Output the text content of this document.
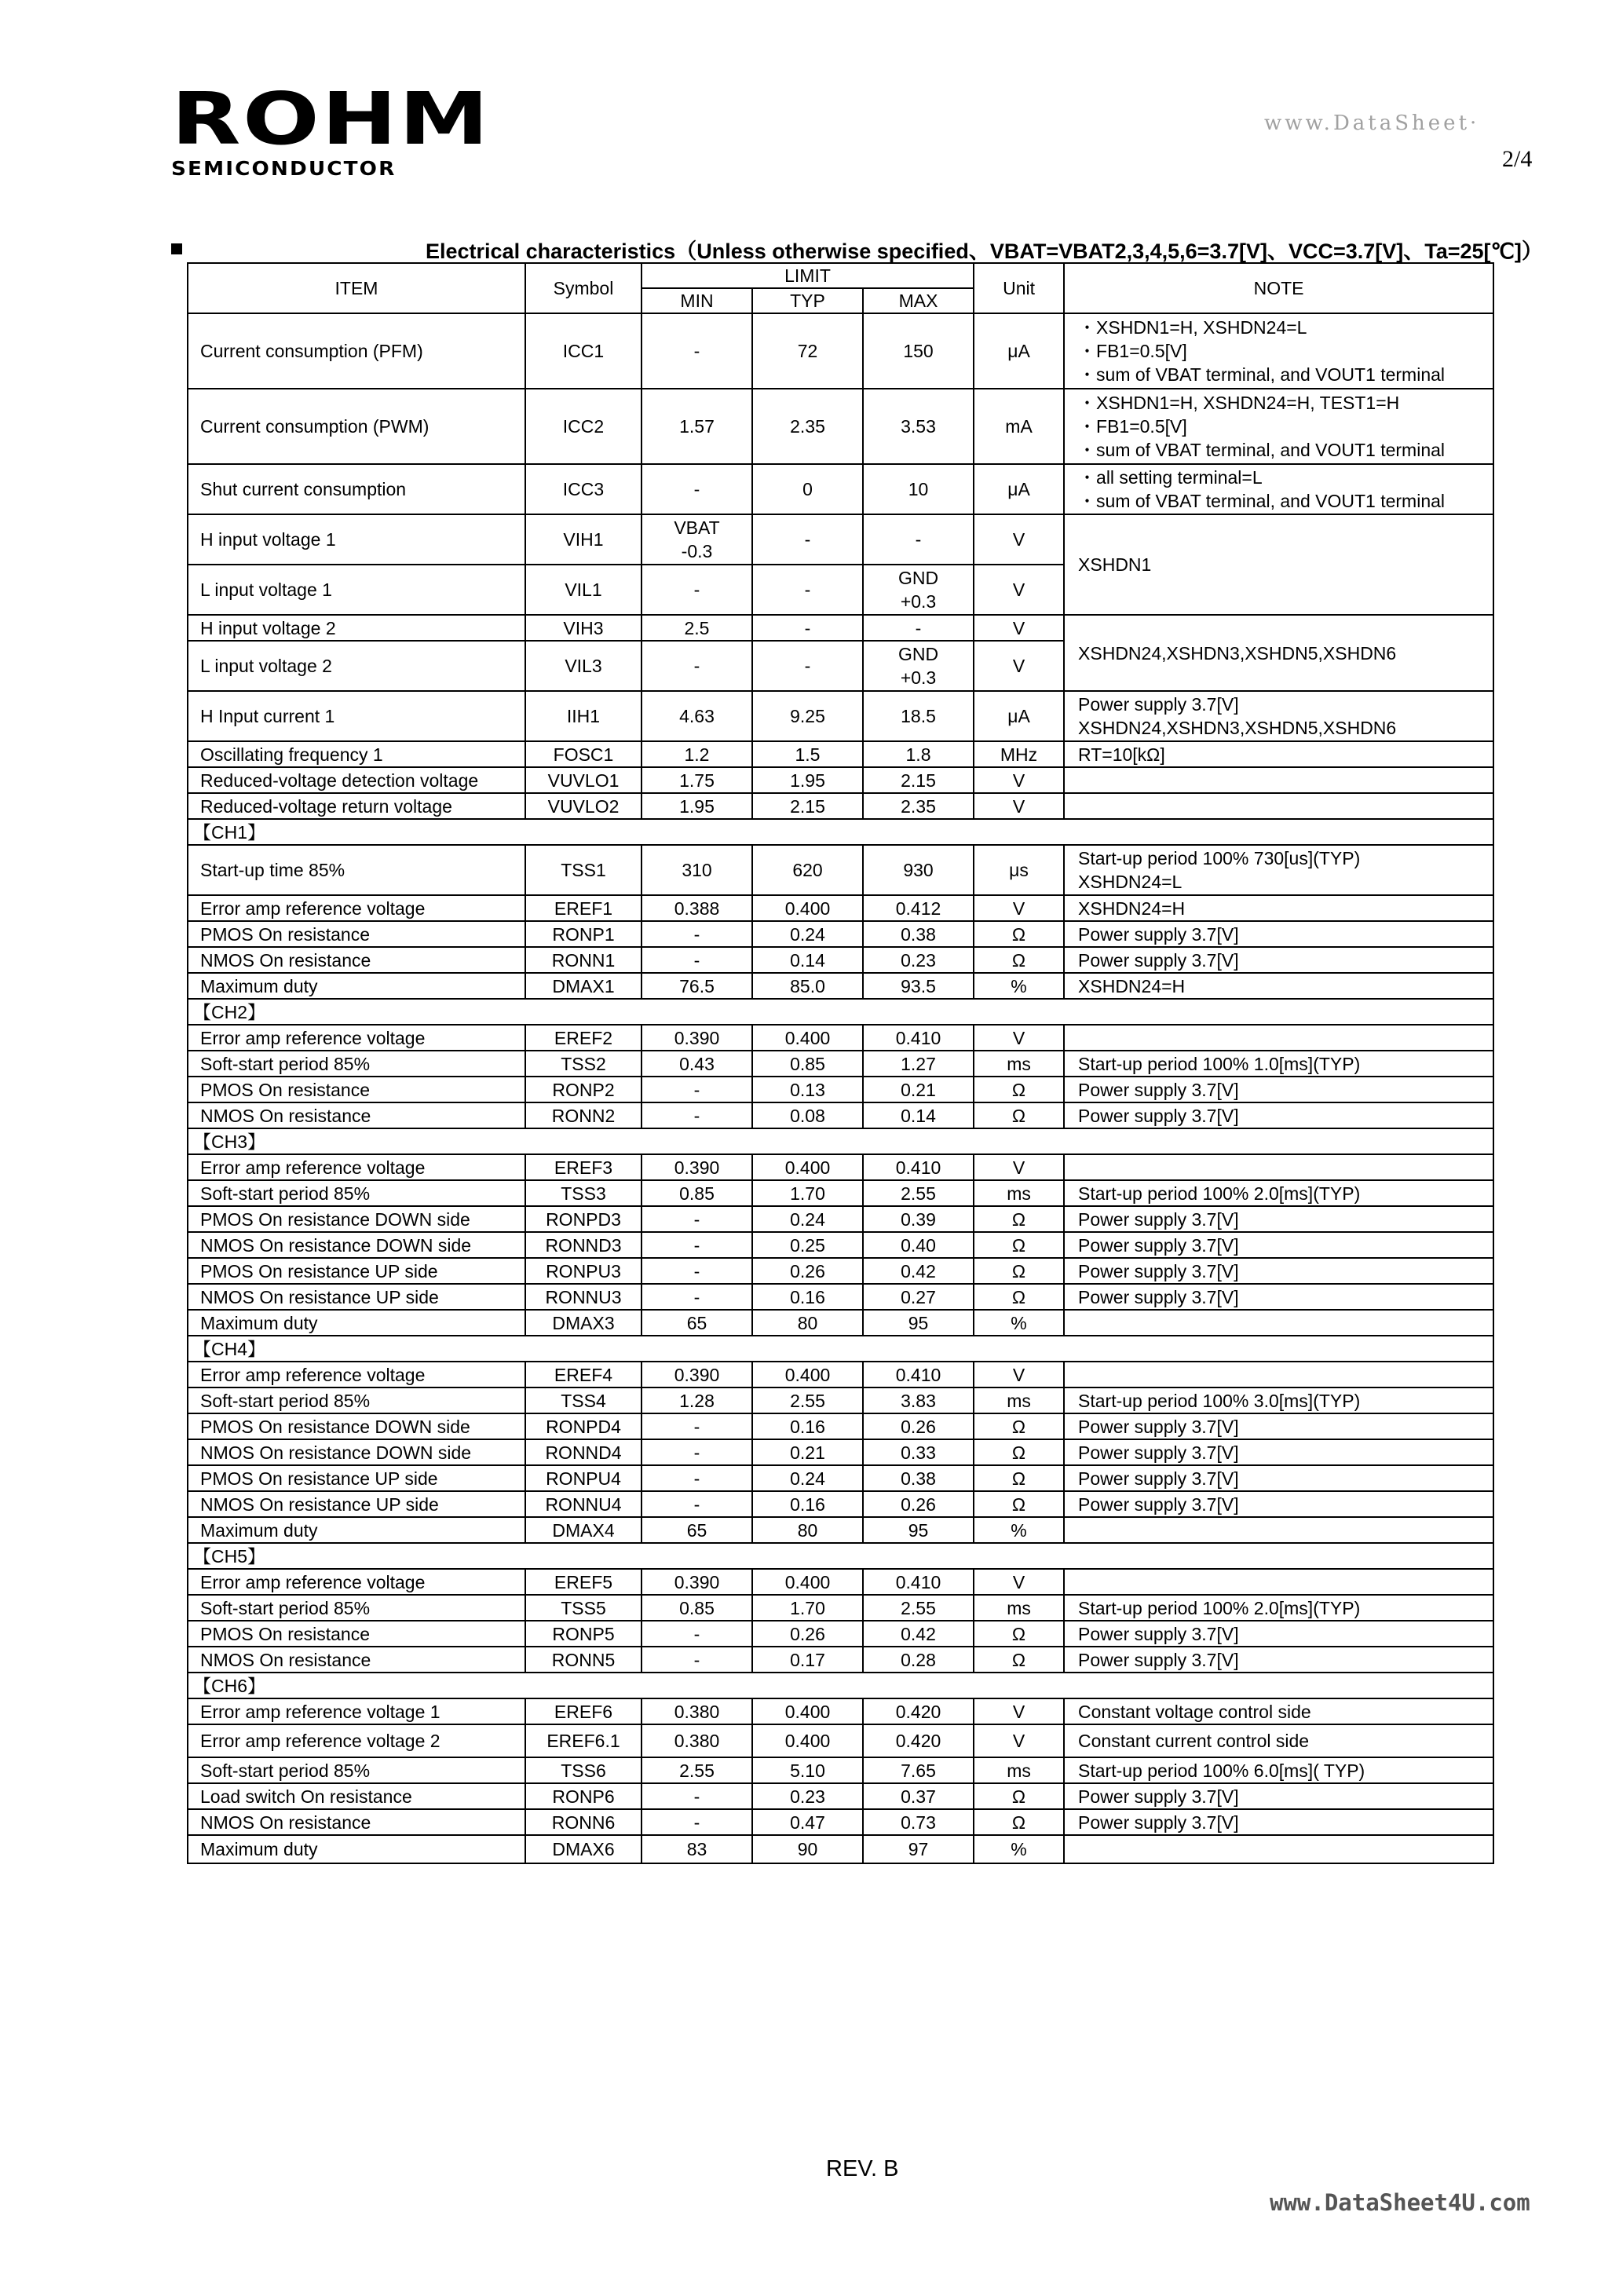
ROHM
SEMICONDUCTOR
www.DataSheet·
2/4
Electrical characteristics（Unless otherwise specified、VBAT=VBAT2,3,4,5,6=3.7[V]、VCC=3.7[V]、Ta=25[℃]）
ITEM	Symbol	LIMIT			Unit	NOTE
		MIN	TYP	MAX		
Current consumption (PFM)	ICC1	-	72	150	μA	・XSHDN1=H, XSHDN24=L
・FB1=0.5[V]
・sum of VBAT terminal, and VOUT1 terminal

Current consumption (PWM)	ICC2	1.57	2.35	3.53	mA	・XSHDN1=H, XSHDN24=H, TEST1=H
・FB1=0.5[V]
・sum of VBAT terminal, and VOUT1 terminal

Shut current consumption	ICC3	-	0	10	μA	・all setting terminal=L
・sum of VBAT terminal, and VOUT1 terminal

H input voltage 1	VIH1	VBAT
-0.3	-	-	V	XSHDN1

L input voltage 1	VIL1	-	-	GND
+0.3	V	
H input voltage 2	VIH3	2.5	-	-	V	XSHDN24,XSHDN3,XSHDN5,XSHDN6

L input voltage 2	VIL3	-	-	GND
+0.3	V	
H Input current 1	IIH1	4.63	9.25	18.5	μA	Power supply 3.7[V]
XSHDN24,XSHDN3,XSHDN5,XSHDN6

Oscillating frequency 1	FOSC1	1.2	1.5	1.8	MHz	RT=10[kΩ]

Reduced-voltage detection voltage	VUVLO1	1.75	1.95	2.15	V	

Reduced-voltage return voltage	VUVLO2	1.95	2.15	2.35	V	

【CH1】						
Start-up time 85%	TSS1	310	620	930	μs	Start-up period 100% 730[us](TYP)
XSHDN24=L

Error amp reference voltage	EREF1	0.388	0.400	0.412	V	XSHDN24=H

PMOS On resistance	RONP1	-	0.24	0.38	Ω	Power supply 3.7[V]

NMOS On resistance	RONN1	-	0.14	0.23	Ω	Power supply 3.7[V]

Maximum duty	DMAX1	76.5	85.0	93.5	%	XSHDN24=H

【CH2】						
Error amp reference voltage	EREF2	0.390	0.400	0.410	V	

Soft-start period 85%	TSS2	0.43	0.85	1.27	ms	Start-up period 100% 1.0[ms](TYP)

PMOS On resistance	RONP2	-	0.13	0.21	Ω	Power supply 3.7[V]

NMOS On resistance	RONN2	-	0.08	0.14	Ω	Power supply 3.7[V]

【CH3】						
Error amp reference voltage	EREF3	0.390	0.400	0.410	V	

Soft-start period 85%	TSS3	0.85	1.70	2.55	ms	Start-up period 100% 2.0[ms](TYP)

PMOS On resistance DOWN side	RONPD3	-	0.24	0.39	Ω	Power supply 3.7[V]

NMOS On resistance DOWN side	RONND3	-	0.25	0.40	Ω	Power supply 3.7[V]

PMOS On resistance UP side	RONPU3	-	0.26	0.42	Ω	Power supply 3.7[V]

NMOS On resistance UP side	RONNU3	-	0.16	0.27	Ω	Power supply 3.7[V]

Maximum duty	DMAX3	65	80	95	%	

【CH4】						
Error amp reference voltage	EREF4	0.390	0.400	0.410	V	

Soft-start period 85%	TSS4	1.28	2.55	3.83	ms	Start-up period 100% 3.0[ms](TYP)

PMOS On resistance DOWN side	RONPD4	-	0.16	0.26	Ω	Power supply 3.7[V]

NMOS On resistance DOWN side	RONND4	-	0.21	0.33	Ω	Power supply 3.7[V]

PMOS On resistance UP side	RONPU4	-	0.24	0.38	Ω	Power supply 3.7[V]

NMOS On resistance UP side	RONNU4	-	0.16	0.26	Ω	Power supply 3.7[V]

Maximum duty	DMAX4	65	80	95	%	

【CH5】						
Error amp reference voltage	EREF5	0.390	0.400	0.410	V	

Soft-start period 85%	TSS5	0.85	1.70	2.55	ms	Start-up period 100% 2.0[ms](TYP)

PMOS On resistance	RONP5	-	0.26	0.42	Ω	Power supply 3.7[V]

NMOS On resistance	RONN5	-	0.17	0.28	Ω	Power supply 3.7[V]

【CH6】						
Error amp reference voltage 1	EREF6	0.380	0.400	0.420	V	Constant voltage control side

Error amp reference voltage 2	EREF6.1	0.380	0.400	0.420	V	Constant current control side

Soft-start period 85%	TSS6	2.55	5.10	7.65	ms	Start-up period 100% 6.0[ms]( TYP)

Load switch On resistance	RONP6	-	0.23	0.37	Ω	Power supply 3.7[V]

NMOS On resistance	RONN6	-	0.47	0.73	Ω	Power supply 3.7[V]

Maximum duty	DMAX6	83	90	97	%	
REV. B
www.DataSheet4U.com
